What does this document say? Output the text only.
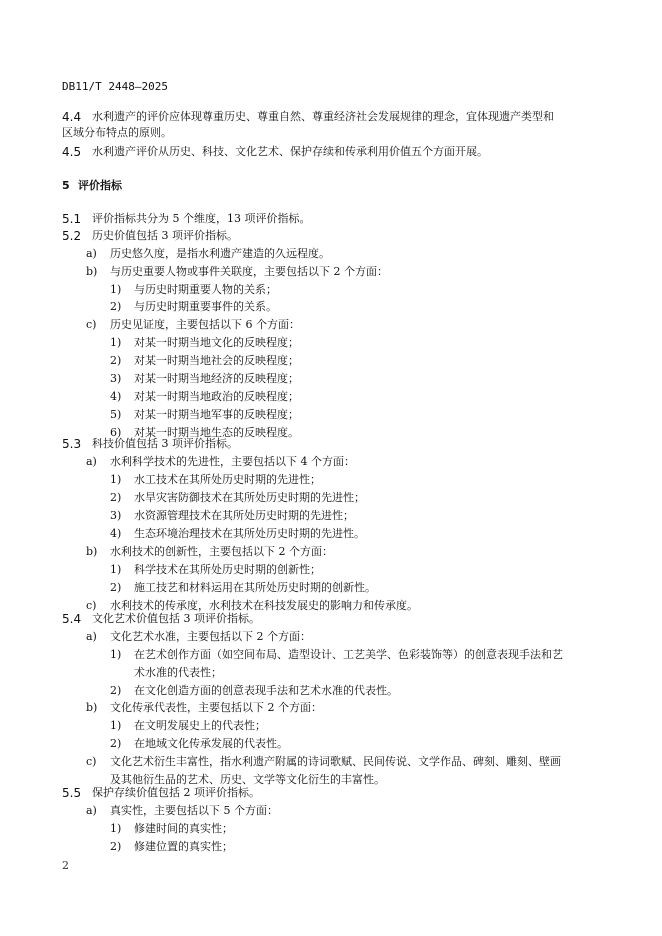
DB11/T 2448—2025
4.4 水利遗产的评价应体现尊重历史、尊重自然、尊重经济社会发展规律的理念，宜体现遗产类型和
区域分布特点的原则。
4.5 水利遗产评价从历史、科技、文化艺术、保护存续和传承利用价值五个方面开展。
5 评价指标
5.1 评价指标共分为 5 个维度，13 项评价指标。
5.2 历史价值包括 3 项评价指标。
a) 历史悠久度，是指水利遗产建造的久远程度。
b) 与历史重要人物或事件关联度，主要包括以下 2 个方面：
1) 与历史时期重要人物的关系；
2) 与历史时期重要事件的关系。
c) 历史见证度，主要包括以下 6 个方面：
1) 对某一时期当地文化的反映程度；
2) 对某一时期当地社会的反映程度；
3) 对某一时期当地经济的反映程度；
4) 对某一时期当地政治的反映程度；
5) 对某一时期当地军事的反映程度；
6) 对某一时期当地生态的反映程度。
5.3 科技价值包括 3 项评价指标。
a) 水利科学技术的先进性，主要包括以下 4 个方面：
1) 水工技术在其所处历史时期的先进性；
2) 水旱灾害防御技术在其所处历史时期的先进性；
3) 水资源管理技术在其所处历史时期的先进性；
4) 生态环境治理技术在其所处历史时期的先进性。
b) 水利技术的创新性，主要包括以下 2 个方面：
1) 科学技术在其所处历史时期的创新性；
2) 施工技艺和材料运用在其所处历史时期的创新性。
c) 水利技术的传承度，水利技术在科技发展史的影响力和传承度。
5.4 文化艺术价值包括 3 项评价指标。
a) 文化艺术水准，主要包括以下 2 个方面：
1) 在艺术创作方面（如空间布局、造型设计、工艺美学、色彩装饰等）的创意表现手法和艺
术水准的代表性；
2) 在文化创造方面的创意表现手法和艺术水准的代表性。
b) 文化传承代表性，主要包括以下 2 个方面：
1) 在文明发展史上的代表性；
2) 在地域文化传承发展的代表性。
c) 文化艺术衍生丰富性，指水利遗产附属的诗词歌赋、民间传说、文学作品、碑刻、雕刻、壁画
及其他衍生品的艺术、历史、文学等文化衍生的丰富性。
5.5 保护存续价值包括 2 项评价指标。
a) 真实性，主要包括以下 5 个方面：
1) 修建时间的真实性；
2) 修建位置的真实性；
2
